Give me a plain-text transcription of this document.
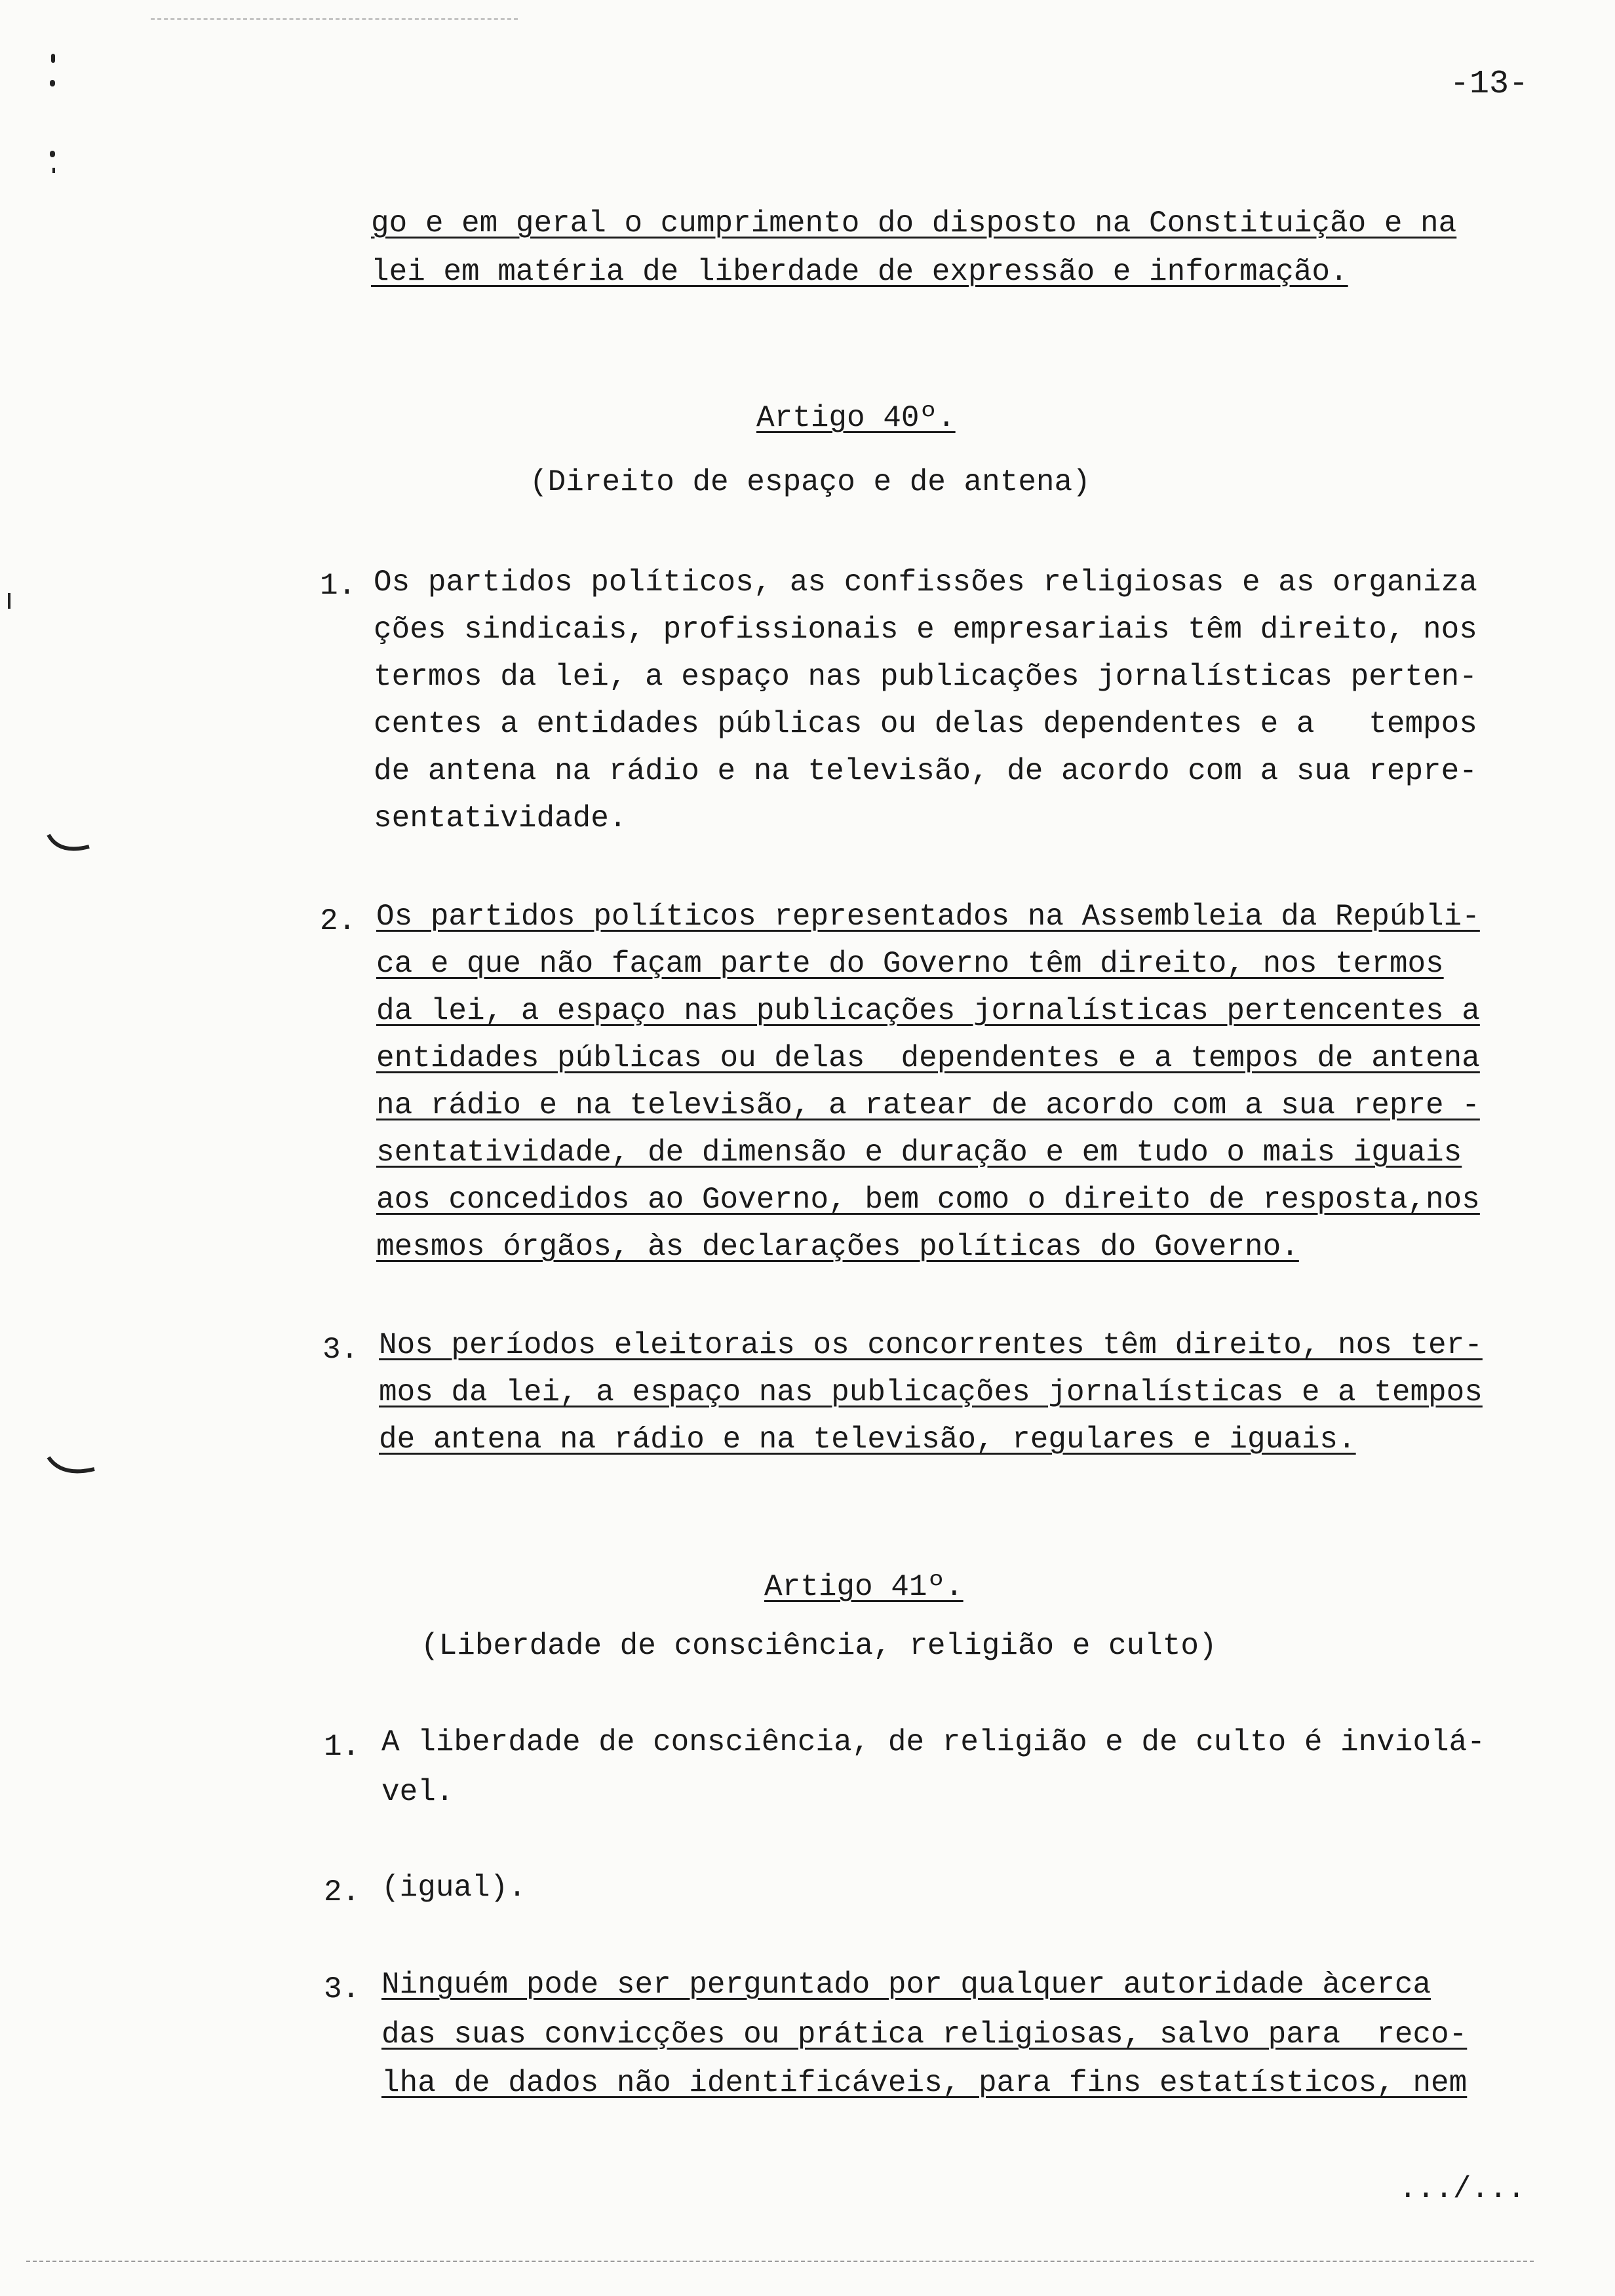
-13-
go e em geral o cumprimento do disposto na Constituição e na
lei em matéria de liberdade de expressão e informação.
Artigo 40º.
(Direito de espaço e de antena)
1. Os partidos políticos, as confissões religiosas e as organiza
ções sindicais, profissionais e empresariais têm direito, nos
termos da lei, a espaço nas publicações jornalísticas perten-
centes a entidades públicas ou delas dependentes e a   tempos
de antena na rádio e na televisão, de acordo com a sua repre-
sentatividade.
2. Os partidos políticos representados na Assembleia da Repúbli-
ca e que não façam parte do Governo têm direito, nos termos
da lei, a espaço nas publicações jornalísticas pertencentes a
entidades públicas ou delas  dependentes e a tempos de antena
na rádio e na televisão, a ratear de acordo com a sua repre -
sentatividade, de dimensão e duração e em tudo o mais iguais
aos concedidos ao Governo, bem como o direito de resposta,nos
mesmos órgãos, às declarações políticas do Governo.
3. Nos períodos eleitorais os concorrentes têm direito, nos ter-
mos da lei, a espaço nas publicações jornalísticas e a tempos
de antena na rádio e na televisão, regulares e iguais.
Artigo 41º.
(Liberdade de consciência, religião e culto)
1. A liberdade de consciência, de religião e de culto é inviolá-
vel.
2. (igual).
3. Ninguém pode ser perguntado por qualquer autoridade àcerca
das suas convicções ou prática religiosas, salvo para  reco-
lha de dados não identificáveis, para fins estatísticos, nem
.../...
